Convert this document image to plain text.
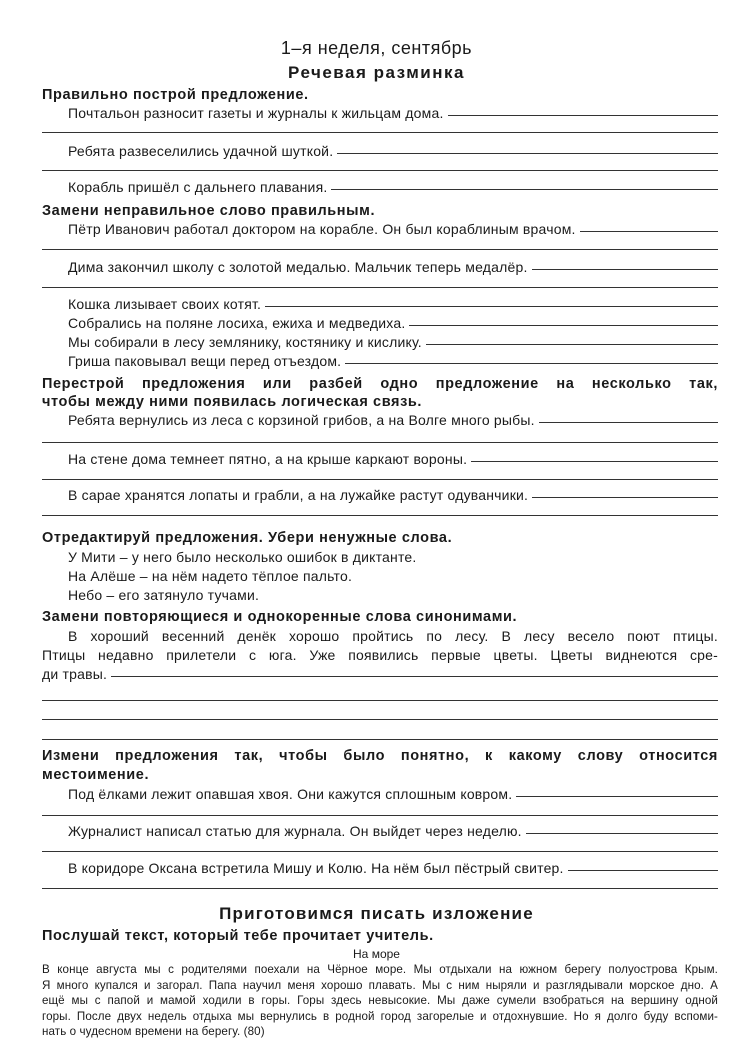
1–я неделя, сентябрь
Речевая разминка
Правильно построй предложение.
Почтальон разносит газеты и журналы к жильцам дома.
Ребята развеселились удачной шуткой.
Корабль пришёл с дальнего плавания.
Замени неправильное слово правильным.
Пётр Иванович работал доктором на корабле. Он был кораблиным врачом.
Дима закончил школу с золотой медалью. Мальчик теперь медалёр.
Кошка лизывает своих котят.
Собрались на поляне лосиха, ежиха и медведиха.
Мы собирали в лесу землянику, костянику и кислику.
Гриша паковывал вещи перед отъездом.
Перестрой предложения или разбей одно предложение на несколько так,
чтобы между ними появилась логическая связь.
Ребята вернулись из леса с корзиной грибов, а на Волге много рыбы.
На стене дома темнеет пятно, а на крыше каркают вороны.
В сарае хранятся лопаты и грабли, а на лужайке растут одуванчики.
Отредактируй предложения. Убери ненужные слова.
У Мити – у него было несколько ошибок в диктанте.
На Алёше – на нём надето тёплое пальто.
Небо – его затянуло тучами.
Замени повторяющиеся и однокоренные слова синонимами.
В хороший весенний денёк хорошо пройтись по лесу. В лесу весело поют птицы.
Птицы недавно прилетели с юга. Уже появились первые цветы. Цветы виднеются сре-
ди травы.
Измени предложения так, чтобы было понятно, к какому слову относится
местоимение.
Под ёлками лежит опавшая хвоя. Они кажутся сплошным ковром.
Журналист написал статью для журнала. Он выйдет через неделю.
В коридоре Оксана встретила Мишу и Колю. На нём был пёстрый свитер.
Приготовимся писать изложение
Послушай текст, который тебе прочитает учитель.
На море
В конце августа мы с родителями поехали на Чёрное море. Мы отдыхали на южном берегу полуострова Крым.
Я много купался и загорал. Папа научил меня хорошо плавать. Мы с ним ныряли и разглядывали морское дно. А
ещё мы с папой и мамой ходили в горы. Горы здесь невысокие. Мы даже сумели взобраться на вершину одной
горы. После двух недель отдыха мы вернулись в родной город загорелые и отдохнувшие. Но я долго буду вспоми-
нать о чудесном времени на берегу. (80)
